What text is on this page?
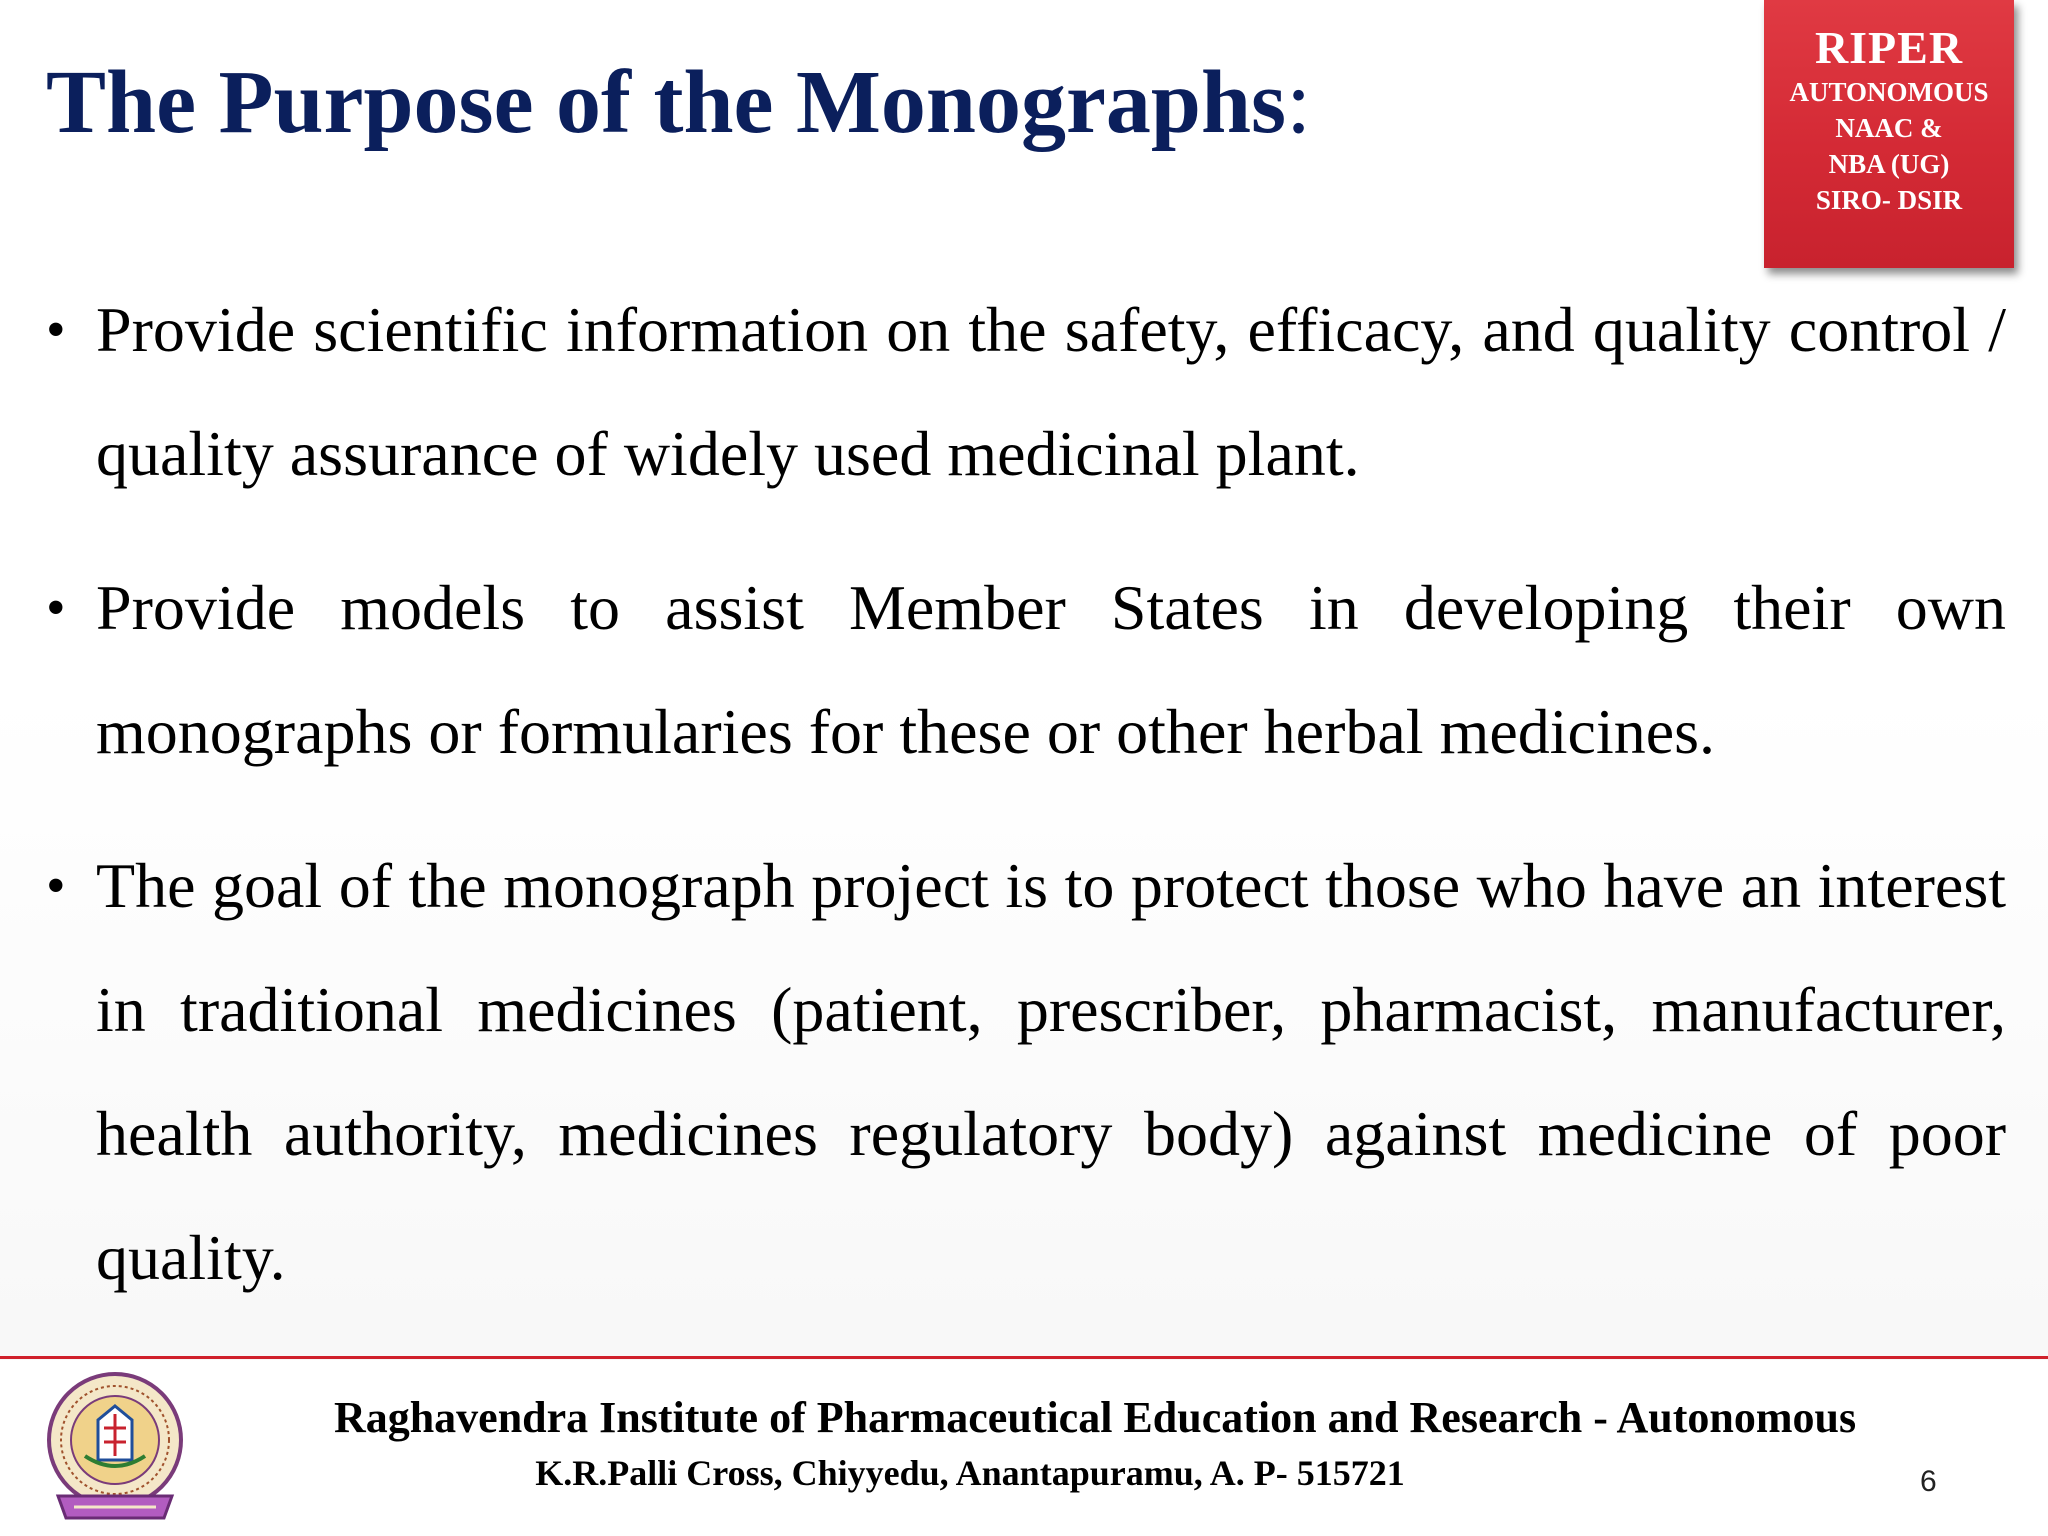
The Purpose of the Monographs:
RIPER
AUTONOMOUS
NAAC &
NBA (UG)
SIRO- DSIR
• Provide scientific information on the safety, efficacy, and quality control / quality assurance of widely used medicinal plant.
• Provide models to assist Member States in developing their own monographs or formularies for these or other herbal medicines.
• The goal of the monograph project is to protect those who have an interest in traditional medicines (patient, prescriber, pharmacist, manufacturer, health authority, medicines regulatory body) against medicine of poor quality.

Raghavendra Institute of Pharmaceutical Education and Research - Autonomous

K.R.Palli Cross, Chiyyedu, Anantapuramu, A. P- 515721	6
